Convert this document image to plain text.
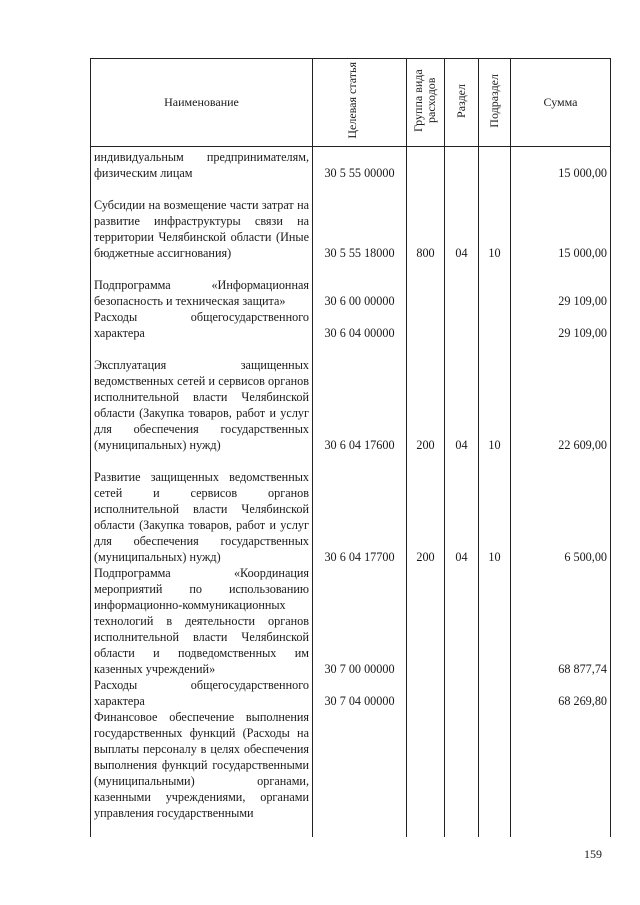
Наименование	Целевая статья	Группа вида расходов	Раздел	Подраздел	Сумма

индивидуальным предпринимателям, физическим лицам	30 5 55 00000				15 000,00

Субсидии на возмещение части затрат на развитие инфраструктуры связи на территории Челябинской области (Иные бюджетные ассигнования)	30 5 55 18000	800	04	10	15 000,00

Подпрограмма «Информационная безопасность и техническая защита»	30 6 00 00000				29 109,00

Расходы общегосударственного характера	30 6 04 00000				29 109,00

Эксплуатация защищенных ведомственных сетей и сервисов органов исполнительной власти Челябинской области (Закупка товаров, работ и услуг для обеспечения государственных (муниципальных) нужд)	30 6 04 17600	200	04	10	22 609,00

Развитие защищенных ведомственных сетей и сервисов органов исполнительной власти Челябинской области (Закупка товаров, работ и услуг для обеспечения государственных (муниципальных) нужд)	30 6 04 17700	200	04	10	6 500,00

Подпрограмма «Координация мероприятий по использованию информационно-коммуникационных технологий в деятельности органов исполнительной власти Челябинской области и подведомственных им казенных учреждений»	30 7 00 00000				68 877,74

Расходы общегосударственного характера	30 7 04 00000				68 269,80

Финансовое обеспечение выполнения государственных функций (Расходы на выплаты персоналу в целях обеспечения выполнения функций государственными (муниципальными) органами, казенными учреждениями, органами управления государственными					

159
